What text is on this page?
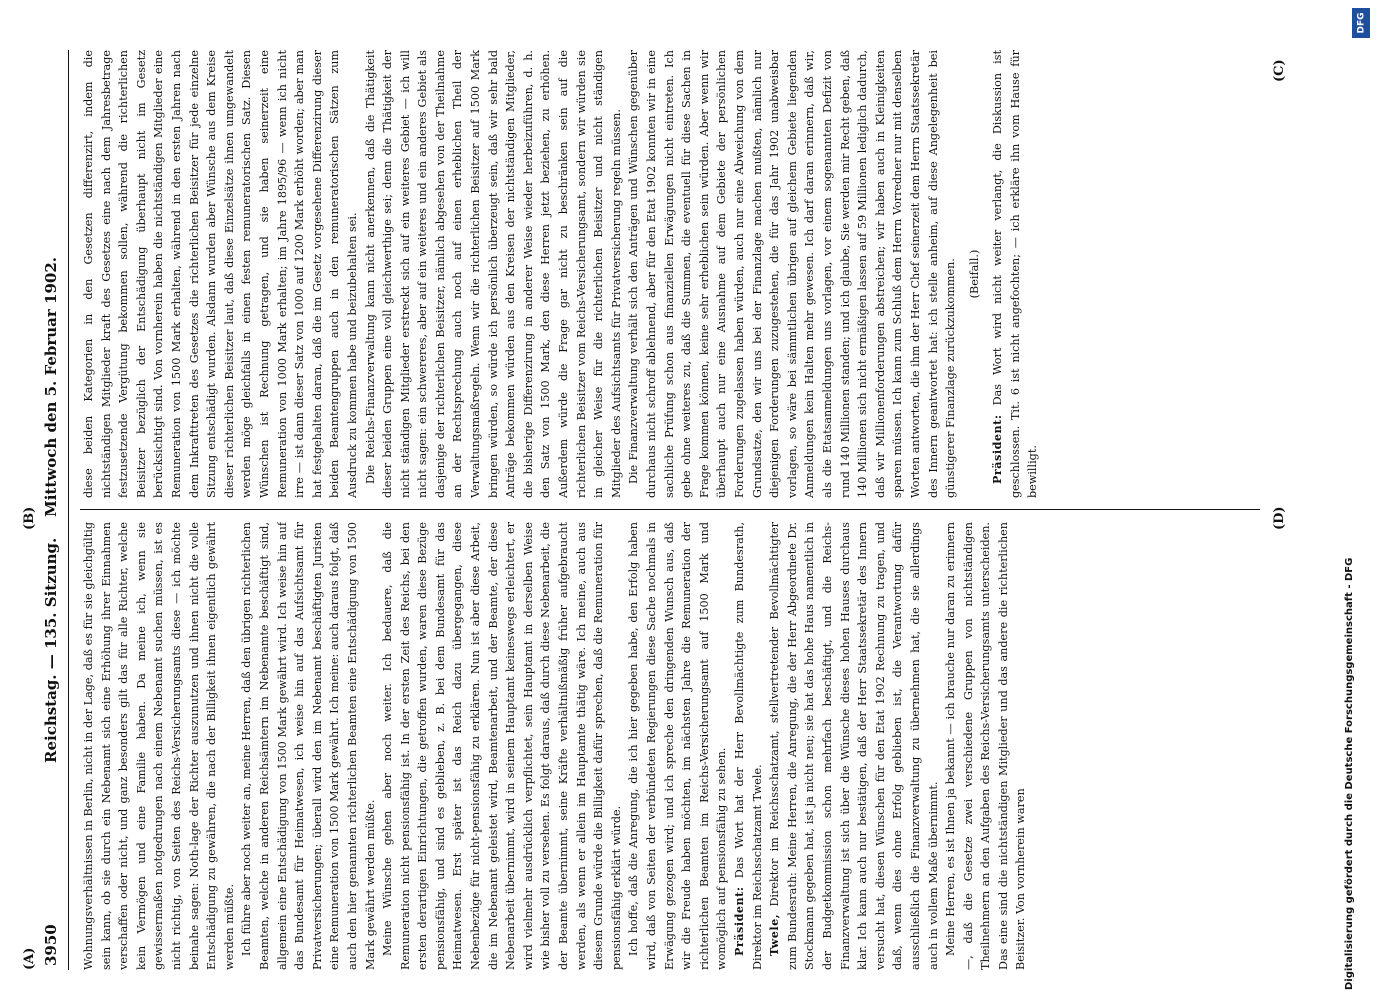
3950
Reichstag. — 135. Sitzung.    Mittwoch den 5. Februar 1902. Wohnungsverhältnissen in Berlin, nicht in der Lage, daß es für sie gleichgültig sein kann, ob sie durch ein Nebenamt sich eine Erhöhung ihrer Einnahmen verschaffen oder nicht, und ganz besonders gilt das für alle Richter, welche kein Vermögen und eine Familie haben. Da meine ich, wenn sie gewissermaßen notgedrungen nach einem Nebenamt suchen müssen, ist es nicht richtig, von Seiten des Reichs-Versicherungsamts diese — ich möchte beinahe sagen: Noth-lage der Richter auszunutzen und ihnen nicht die volle Entschädigung zu gewähren, die nach der Billigkeit ihnen eigentlich gewährt werden müßte. Ich führe aber noch weiter an, meine Herren, daß den übrigen richterlichen Beamten, welche in anderen Reichsämtern im Nebenamte beschäftigt sind, allgemein eine Entschädigung von 1500 Mark gewährt wird. Ich weise hin auf das Bundesamt für Heimatwesen, ich weise hin auf das Aufsichtsamt für Privatversicherungen; überall wird den im Nebenamt beschäftigten Juristen eine Remuneration von 1500 Mark gewährt. Ich meine: auch daraus folgt, daß auch den hier genannten richterlichen Beamten eine Entschädigung von 1500 Mark gewährt werden müßte. Meine Wünsche gehen aber noch weiter. Ich bedauere, daß die Remuneration nicht pensionsfähig ist. In der ersten Zeit des Reichs, bei den ersten derartigen Einrichtungen, die getroffen wurden, waren diese Bezüge pensionsfähig, und sind es geblieben, z. B. bei dem Bundesamt für das Heimatwesen. Erst später ist das Reich dazu übergegangen, diese Nebenbezüge für nicht-pensionsfähig zu erklären. Nun ist aber diese Arbeit, die im Nebenamt geleistet wird, Beamtenarbeit, und der Beamte, der diese Nebenarbeit übernimmt, wird in seinem Hauptamt keineswegs erleichtert, er wird vielmehr ausdrücklich verpflichtet, sein Hauptamt in derselben Weise wie bisher voll zu versehen. Es folgt daraus, daß durch diese Nebenarbeit, die der Beamte übernimmt, seine Kräfte verhältnißmäßig früher aufgebraucht werden, als wenn er allein im Hauptamte thätig wäre. Ich meine, auch aus diesem Grunde würde die Billigkeit dafür sprechen, daß die Remuneration für pensionsfähig erklärt würde. Ich hoffe, daß die Anregung, die ich hier gegeben habe, den Erfolg haben wird, daß von Seiten der verbündeten Regierungen diese Sache nochmals in Erwägung gezogen wird; und ich spreche den dringenden Wunsch aus, daß wir die Freude haben möchten, im nächsten Jahre die Remuneration der richterlichen Beamten im Reichs-Versicherungsamt auf 1500 Mark und womöglich auf pensionsfähig zu sehen. Präsident: Das Wort hat der Herr Bevollmächtigte zum Bundesrath, Direktor im Reichsschatzamt Twele. Twele, Direktor im Reichsschatzamt, stellvertretender Bevollmächtigter zum Bundesrath: Meine Herren, die Anregung, die der Herr Abgeordnete Dr. Stockmann gegeben hat, ist ja nicht neu; sie hat das hohe Haus namentlich in der Budgetkommission schon mehrfach beschäftigt, und die Reichs-Finanzverwaltung ist sich über die Wünsche dieses hohen Hauses durchaus klar. Ich kann auch nur bestätigen, daß der Herr Staatssekretär des Innern versucht hat, diesen Wünschen für den Etat 1902 Rechnung zu tragen, und daß, wenn dies ohne Erfolg geblieben ist, die Verantwortung dafür ausschließlich die Finanzverwaltung zu übernehmen hat, die sie allerdings auch in vollem Maße übernimmt. Meine Herren, es ist Ihnen ja bekannt — ich brauche nur daran zu erinnern —, daß die Gesetze zwei verschiedene Gruppen von nichtständigen Theilnehmern an den Aufgaben des Reichs-Versicherungsamts unterscheiden. Das eine sind die nichtständigen Mitglieder und das andere die richterlichen Beisitzer. Von vornherein waren

diese beiden Kategorien in den Gesetzen differenzirt, indem die nichtständigen Mitglieder kraft des Gesetzes eine nach dem Jahresbetrage festzusetzende Vergütung bekommen sollen, während die richterlichen Beisitzer bezüglich der Entschädigung überhaupt nicht im Gesetz berücksichtigt sind. Von vornherein haben die nichtständigen Mitglieder eine Remuneration von 1500 Mark erhalten, während in den ersten Jahren nach dem Inkrafttreten des Gesetzes die richterlichen Beisitzer für jede einzelne Sitzung entschädigt wurden. Alsdann wurden aber Wünsche aus dem Kreise dieser richterlichen Beisitzer laut, daß diese Einzelsätze ihnen umgewandelt werden möge gleichfalls in einen festen remuneratorischen Satz. Diesen Wünschen ist Rechnung getragen, und sie haben seinerzeit eine Remuneration von 1000 Mark erhalten; im Jahre 1895/96 — wenn ich nicht irre — ist dann dieser Satz von 1000 auf 1200 Mark erhöht worden; aber man hat festgehalten daran, daß die im Gesetz vorgesehene Differenzirung dieser beiden Beamtengruppen auch in den remuneratorischen Sätzen zum Ausdruck zu kommen habe und beizubehalten sei. Die Reichs-Finanzverwaltung kann nicht anerkennen, daß die Thätigkeit dieser beiden Gruppen eine voll gleichwerthige sei; denn die Thätigkeit der nicht ständigen Mitglieder erstreckt sich auf ein weiteres Gebiet — ich will nicht sagen: ein schwereres, aber auf ein weiteres und ein anderes Gebiet als dasjenige der richterlichen Beisitzer, nämlich abgesehen von der Theilnahme an der Rechtsprechung auch noch auf einen erheblichen Theil der Verwaltungsmaßregeln. Wenn wir die richterlichen Beisitzer auf 1500 Mark bringen würden, so würde ich persönlich überzeugt sein, daß wir sehr bald Anträge bekommen würden aus den Kreisen der nichtständigen Mitglieder, die bisherige Differenzirung in anderer Weise wieder herbeizuführen, d. h. den Satz von 1500 Mark, den diese Herren jetzt beziehen, zu erhöhen. Außerdem würde die Frage gar nicht zu beschränken sein auf die richterlichen Beisitzer vom Reichs-Versicherungsamt, sondern wir würden sie in gleicher Weise für die richterlichen Beisitzer und nicht ständigen Mitglieder des Aufsichtsamts für Privatversicherung regeln müssen. Die Finanzverwaltung verhält sich den Anträgen und Wünschen gegenüber durchaus nicht schroff ablehnend, aber für den Etat 1902 konnten wir in eine sachliche Prüfung schon aus finanziellen Erwägungen nicht eintreten. Ich gebe ohne weiteres zu, daß die Summen, die eventuell für diese Sachen in Frage kommen können, keine sehr erheblichen sein würden. Aber wenn wir überhaupt auch nur eine Ausnahme auf dem Gebiete der persönlichen Forderungen zugelassen haben würden, auch nur eine Abweichung von dem Grundsatze, den wir uns bei der Finanzlage machen mußten, nämlich nur diejenigen Forderungen zuzugestehen, die für das Jahr 1902 unabweisbar vorlagen, so wäre bei sämmtlichen übrigen auf gleichem Gebiete liegenden Anmeldungen kein Halten mehr gewesen. Ich darf daran erinnern, daß wir, als die Etatsanmeldungen uns vorlagen, vor einem sogenannten Defizit von rund 140 Millionen standen; und ich glaube, Sie werden mir Recht geben, daß 140 Millionen sich nicht ermäßigen lassen auf 59 Millionen lediglich dadurch, daß wir Millionenforderungen abstreichen; wir haben auch in Kleinigkeiten sparen müssen. Ich kann zum Schluß dem Herrn Vorredner nur mit denselben Worten antworten, die ihm der Herr Chef seinerzeit dem Herrn Staatssekretär des Innern geantwortet hat: ich stelle anheim, auf diese Angelegenheit bei günstigerer Finanzlage zurückzukommen. (Beifall.)

Präsident: Das Wort wird nicht weiter verlangt, die Diskussion ist geschlossen. Tit. 6 ist nicht angefochten; — ich erkläre ihn vom Hause für bewilligt.

(A)
(B)
(C)
(D)
Digitalisierung gefördert durch die Deutsche Forschungsgemeinschaft - DFG
DFG
